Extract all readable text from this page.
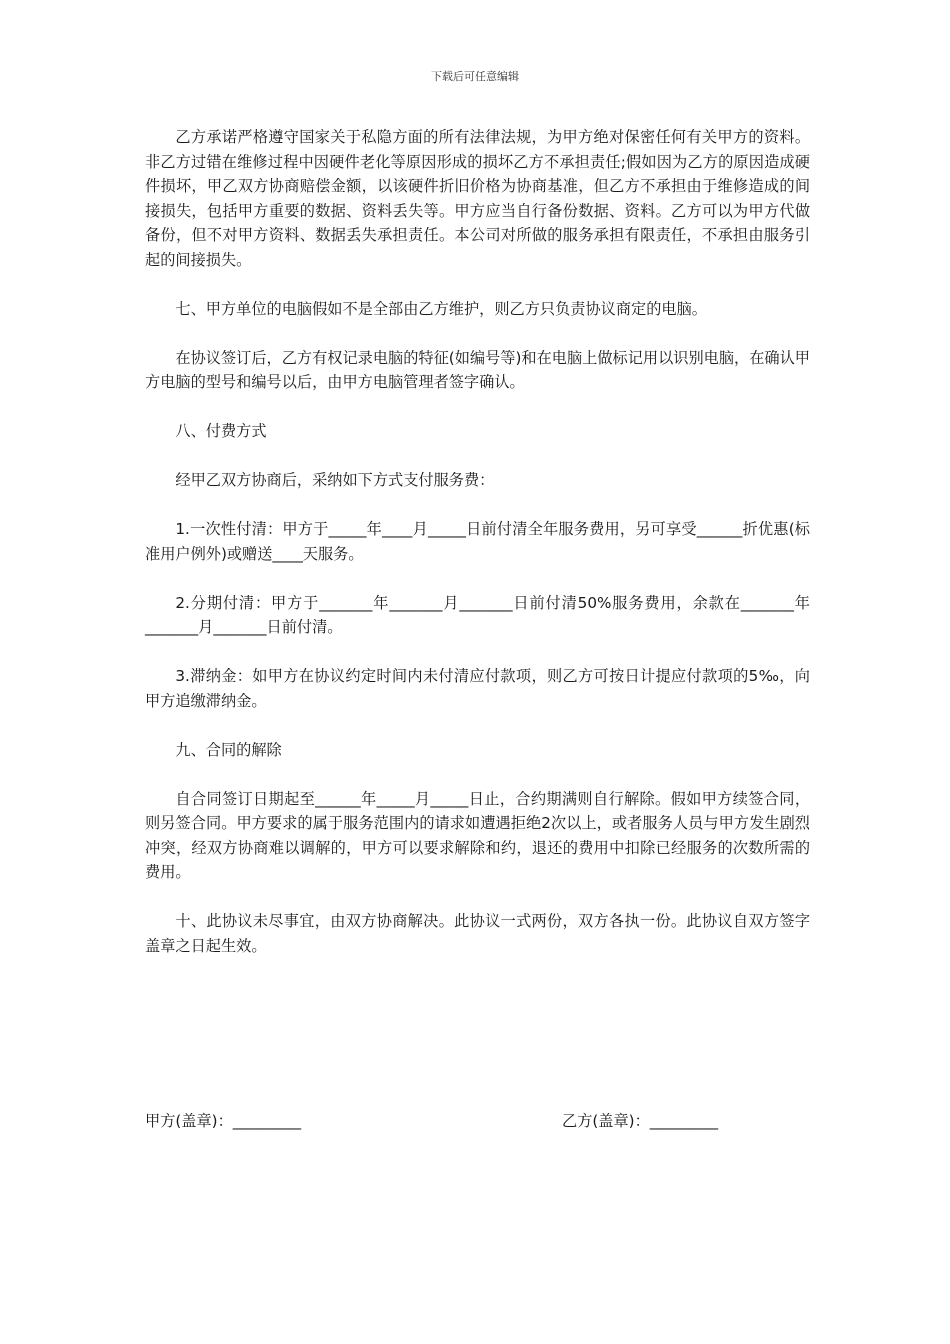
下载后可任意编辑

乙方承诺严格遵守国家关于私隐方面的所有法律法规，为甲方绝对保密任何有关甲方的资料。非乙方过错在维修过程中因硬件老化等原因形成的损坏乙方不承担责任;假如因为乙方的原因造成硬件损坏，甲乙双方协商赔偿金额，以该硬件折旧价格为协商基准，但乙方不承担由于维修造成的间接损失，包括甲方重要的数据、资料丢失等。甲方应当自行备份数据、资料。乙方可以为甲方代做备份，但不对甲方资料、数据丢失承担责任。本公司对所做的服务承担有限责任，不承担由服务引起的间接损失。

七、甲方单位的电脑假如不是全部由乙方维护，则乙方只负责协议商定的电脑。

在协议签订后，乙方有权记录电脑的特征(如编号等)和在电脑上做标记用以识别电脑，在确认甲方电脑的型号和编号以后，由甲方电脑管理者签字确认。

八、付费方式

经甲乙双方协商后，采纳如下方式支付服务费：

1.一次性付清：甲方于_____年____月_____日前付清全年服务费用，另可享受______折优惠(标准用户例外)或赠送____天服务。

2.分期付清：甲方于_______年_______月_______日前付清50%服务费用，余款在_______年_______月_______日前付清。

3.滞纳金：如甲方在协议约定时间内未付清应付款项，则乙方可按日计提应付款项的5‰，向甲方追缴滞纳金。

九、合同的解除

自合同签订日期起至______年_____月_____日止，合约期满则自行解除。假如甲方续签合同，则另签合同。甲方要求的属于服务范围内的请求如遭遇拒绝2次以上，或者服务人员与甲方发生剧烈冲突，经双方协商难以调解的，甲方可以要求解除和约，退还的费用中扣除已经服务的次数所需的费用。

十、此协议未尽事宜，由双方协商解决。此协议一式两份，双方各执一份。此协议自双方签字盖章之日起生效。

甲方(盖章)：_________	乙方(盖章)：_________
